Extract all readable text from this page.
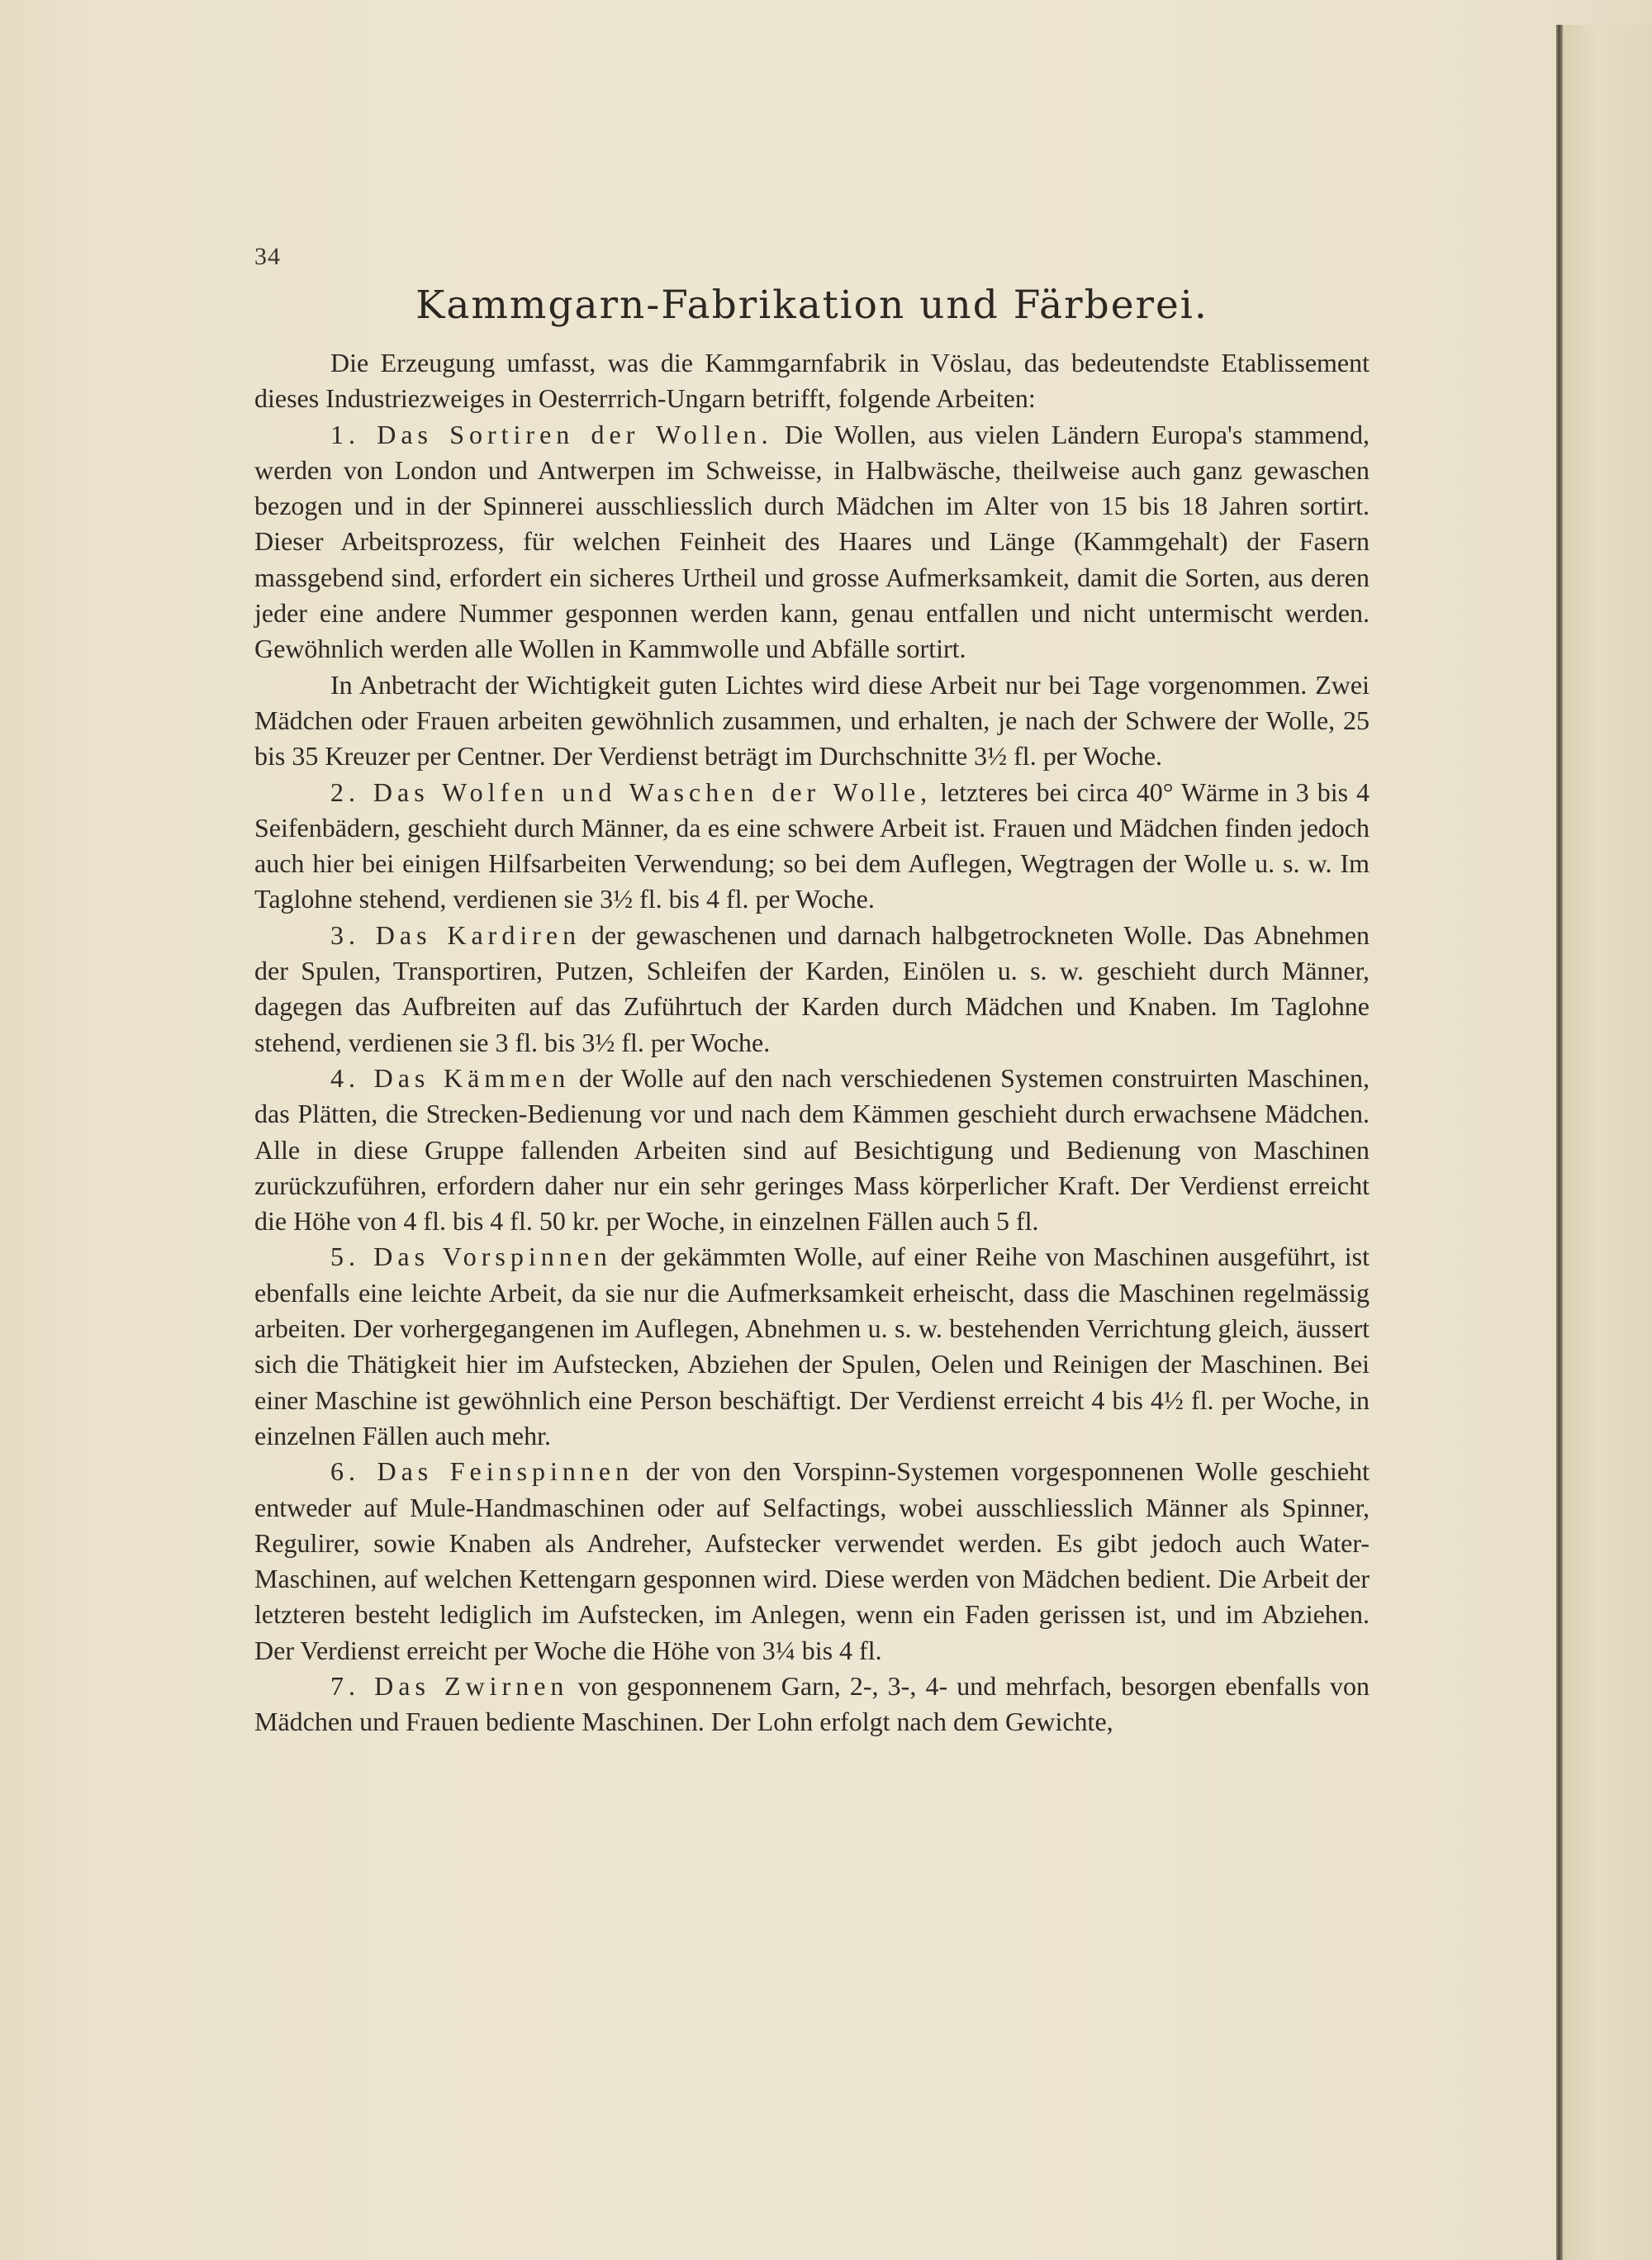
34
Kammgarn-Fabrikation und Färberei.

Die Erzeugung umfasst, was die Kammgarnfabrik in Vöslau, das bedeutendste Etablissement dieses Industriezweiges in Oesterrrich-Ungarn betrifft, folgende Arbeiten:

1. Das Sortiren der Wollen. Die Wollen, aus vielen Ländern Europa's stammend, werden von London und Antwerpen im Schweisse, in Halbwäsche, theilweise auch ganz gewaschen bezogen und in der Spinnerei ausschliesslich durch Mädchen im Alter von 15 bis 18 Jahren sortirt. Dieser Arbeitsprozess, für welchen Feinheit des Haares und Länge (Kammgehalt) der Fasern massgebend sind, erfordert ein sicheres Urtheil und grosse Aufmerksamkeit, damit die Sorten, aus deren jeder eine andere Nummer gesponnen werden kann, genau entfallen und nicht untermischt werden. Gewöhnlich werden alle Wollen in Kammwolle und Abfälle sortirt.

In Anbetracht der Wichtigkeit guten Lichtes wird diese Arbeit nur bei Tage vorgenommen. Zwei Mädchen oder Frauen arbeiten gewöhnlich zusammen, und erhalten, je nach der Schwere der Wolle, 25 bis 35 Kreuzer per Centner. Der Verdienst beträgt im Durchschnitte 3½ fl. per Woche.

2. Das Wolfen und Waschen der Wolle, letzteres bei circa 40° Wärme in 3 bis 4 Seifenbädern, geschieht durch Männer, da es eine schwere Arbeit ist. Frauen und Mädchen finden jedoch auch hier bei einigen Hilfsarbeiten Verwendung; so bei dem Auflegen, Wegtragen der Wolle u. s. w. Im Taglohne stehend, verdienen sie 3½ fl. bis 4 fl. per Woche.

3. Das Kardiren der gewaschenen und darnach halbgetrockneten Wolle. Das Abnehmen der Spulen, Transportiren, Putzen, Schleifen der Karden, Einölen u. s. w. geschieht durch Männer, dagegen das Aufbreiten auf das Zuführtuch der Karden durch Mädchen und Knaben. Im Taglohne stehend, verdienen sie 3 fl. bis 3½ fl. per Woche.

4. Das Kämmen der Wolle auf den nach verschiedenen Systemen construirten Maschinen, das Plätten, die Strecken-Bedienung vor und nach dem Kämmen geschieht durch erwachsene Mädchen. Alle in diese Gruppe fallenden Arbeiten sind auf Besichtigung und Bedienung von Maschinen zurückzuführen, erfordern daher nur ein sehr geringes Mass körperlicher Kraft. Der Verdienst erreicht die Höhe von 4 fl. bis 4 fl. 50 kr. per Woche, in einzelnen Fällen auch 5 fl.

5. Das Vorspinnen der gekämmten Wolle, auf einer Reihe von Maschinen ausgeführt, ist ebenfalls eine leichte Arbeit, da sie nur die Aufmerksamkeit erheischt, dass die Maschinen regelmässig arbeiten. Der vorhergegangenen im Auflegen, Abnehmen u. s. w. bestehenden Verrichtung gleich, äussert sich die Thätigkeit hier im Aufstecken, Abziehen der Spulen, Oelen und Reinigen der Maschinen. Bei einer Maschine ist gewöhnlich eine Person beschäftigt. Der Verdienst erreicht 4 bis 4½ fl. per Woche, in einzelnen Fällen auch mehr.

6. Das Feinspinnen der von den Vorspinn-Systemen vorgesponnenen Wolle geschieht entweder auf Mule-Handmaschinen oder auf Selfactings, wobei ausschliesslich Männer als Spinner, Regulirer, sowie Knaben als Andreher, Aufstecker verwendet werden. Es gibt jedoch auch Water-Maschinen, auf welchen Kettengarn gesponnen wird. Diese werden von Mädchen bedient. Die Arbeit der letzteren besteht lediglich im Aufstecken, im Anlegen, wenn ein Faden gerissen ist, und im Abziehen. Der Verdienst erreicht per Woche die Höhe von 3¼ bis 4 fl.

7. Das Zwirnen von gesponnenem Garn, 2-, 3-, 4- und mehrfach, besorgen ebenfalls von Mädchen und Frauen bediente Maschinen. Der Lohn erfolgt nach dem Gewichte,
